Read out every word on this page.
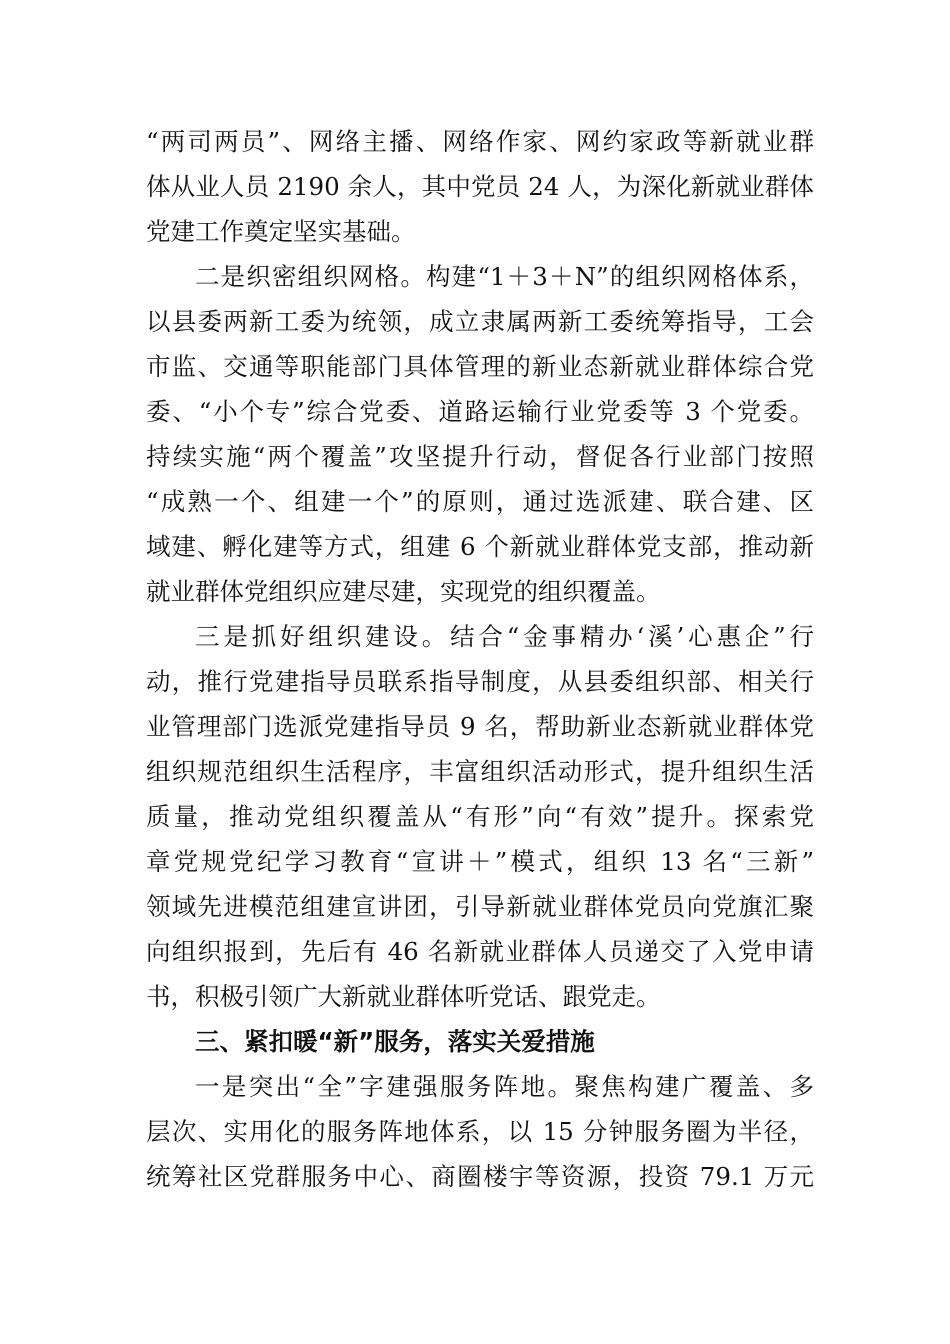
“两司两员”、网络主播、网络作家、网约家政等新就业群
体从业人员 2190 余人，其中党员 24 人，为深化新就业群体
党建工作奠定坚实基础。
二是织密组织网格。构建“1＋3＋N”的组织网格体系，
以县委两新工委为统领，成立隶属两新工委统筹指导，工会
市监、交通等职能部门具体管理的新业态新就业群体综合党
委、“小个专”综合党委、道路运输行业党委等 3 个党委。
持续实施“两个覆盖”攻坚提升行动，督促各行业部门按照
“成熟一个、组建一个”的原则，通过选派建、联合建、区
域建、孵化建等方式，组建 6 个新就业群体党支部，推动新
就业群体党组织应建尽建，实现党的组织覆盖。
三是抓好组织建设。结合“金事精办‘溪’心惠企”行
动，推行党建指导员联系指导制度，从县委组织部、相关行
业管理部门选派党建指导员 9 名，帮助新业态新就业群体党
组织规范组织生活程序，丰富组织活动形式，提升组织生活
质量，推动党组织覆盖从“有形”向“有效”提升。探索党
章党规党纪学习教育“宣讲＋”模式，组织 13 名“三新”
领域先进模范组建宣讲团，引导新就业群体党员向党旗汇聚
向组织报到，先后有 46 名新就业群体人员递交了入党申请
书，积极引领广大新就业群体听党话、跟党走。
三、紧扣暖“新”服务，落实关爱措施
一是突出“全”字建强服务阵地。聚焦构建广覆盖、多
层次、实用化的服务阵地体系，以 15 分钟服务圈为半径，
统筹社区党群服务中心、商圈楼宇等资源，投资 79.1 万元
